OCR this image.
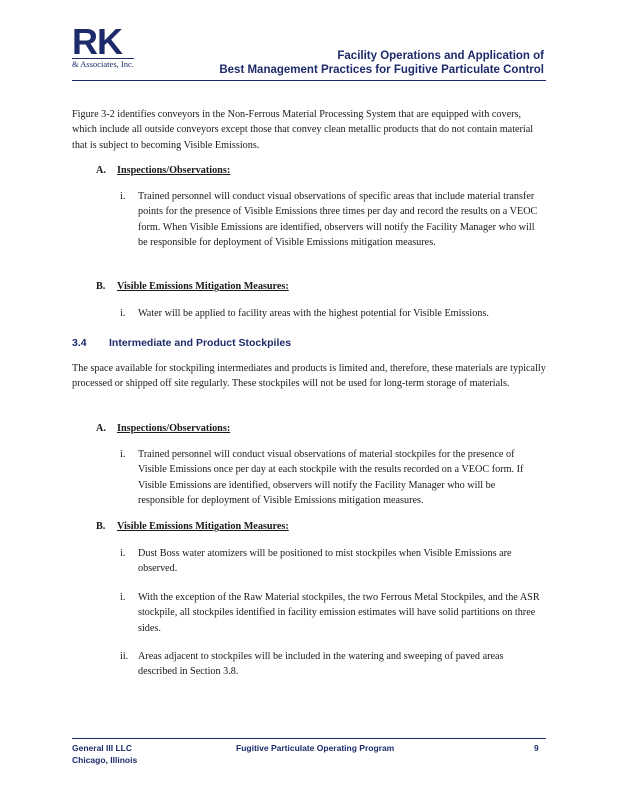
RK
& Associates, Inc.
Facility Operations and Application of
Best Management Practices for Fugitive Particulate Control

Figure 3-2 identifies conveyors in the Non-Ferrous Material Processing System that are equipped with covers, which include all outside conveyors except those that convey clean metallic products that do not contain material that is subject to becoming Visible Emissions.

A. Inspections/Observations:
i. Trained personnel will conduct visual observations of specific areas that include material transfer points for the presence of Visible Emissions three times per day and record the results on a VEOC form. When Visible Emissions are identified, observers will notify the Facility Manager who will be responsible for deployment of Visible Emissions mitigation measures.
B. Visible Emissions Mitigation Measures:
i. Water will be applied to facility areas with the highest potential for Visible Emissions.
3.4 Intermediate and Product Stockpiles

The space available for stockpiling intermediates and products is limited and, therefore, these materials are typically processed or shipped off site regularly. These stockpiles will not be used for long-term storage of materials.

A. Inspections/Observations:
i. Trained personnel will conduct visual observations of material stockpiles for the presence of Visible Emissions once per day at each stockpile with the results recorded on a VEOC form. If Visible Emissions are identified, observers will notify the Facility Manager who will be responsible for deployment of Visible Emissions mitigation measures.
B. Visible Emissions Mitigation Measures:
i. Dust Boss water atomizers will be positioned to mist stockpiles when Visible Emissions are observed.
i. With the exception of the Raw Material stockpiles, the two Ferrous Metal Stockpiles, and the ASR stockpile, all stockpiles identified in facility emission estimates will have solid partitions on three sides.
ii. Areas adjacent to stockpiles will be included in the watering and sweeping of paved areas described in Section 3.8.
General III LLC
Chicago, Illinois
Fugitive Particulate Operating Program	9
